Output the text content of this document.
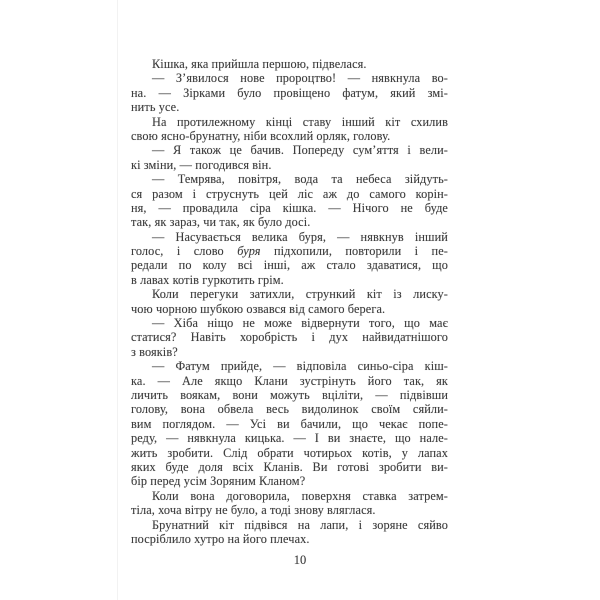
Кішка, яка прийшла першою, підвелася.
— З’явилося нове пророцтво! — нявкнула во-
на. — Зірками було провіщено фатум, який змі-
нить усе.
На протилежному кінці ставу інший кіт схилив
свою ясно-брунатну, ніби всохлий орляк, голову.
— Я також це бачив. Попереду сум’яття і вели-
кі зміни, — погодився він.
— Темрява, повітря, вода та небеса зійдуть-
ся разом і струснуть цей ліс аж до самого корін-
ня, — провадила сіра кішка. — Нічого не буде
так, як зараз, чи так, як було досі.
— Насувається велика буря, — нявкнув інший
голос, і слово буря підхопили, повторили і пе-
редали по колу всі інші, аж стало здаватися, що
в лавах котів гуркотить грім.
Коли перегуки затихли, стрункий кіт із лиску-
чою чорною шубкою озвався від самого берега.
— Хіба ніщо не може відвернути того, що має
статися? Навіть хоробрість і дух найвидатнішого
з вояків?
— Фатум прийде, — відповіла синьо-сіра кіш-
ка. — Але якщо Клани зустрінуть його так, як
личить воякам, вони можуть вціліти, — підвівши
голову, вона обвела весь видолинок своїм сяйли-
вим поглядом. — Усі ви бачили, що чекає попе-
реду, — нявкнула кицька. — І ви знаєте, що нале-
жить зробити. Слід обрати чотирьох котів, у лапах
яких буде доля всіх Кланів. Ви готові зробити ви-
бір перед усім Зоряним Кланом?
Коли вона договорила, поверхня ставка затрем-
тіла, хоча вітру не було, а тоді знову вляглася.
Брунатний кіт підвівся на лапи, і зоряне сяйво
посріблило хутро на його плечах.
10
